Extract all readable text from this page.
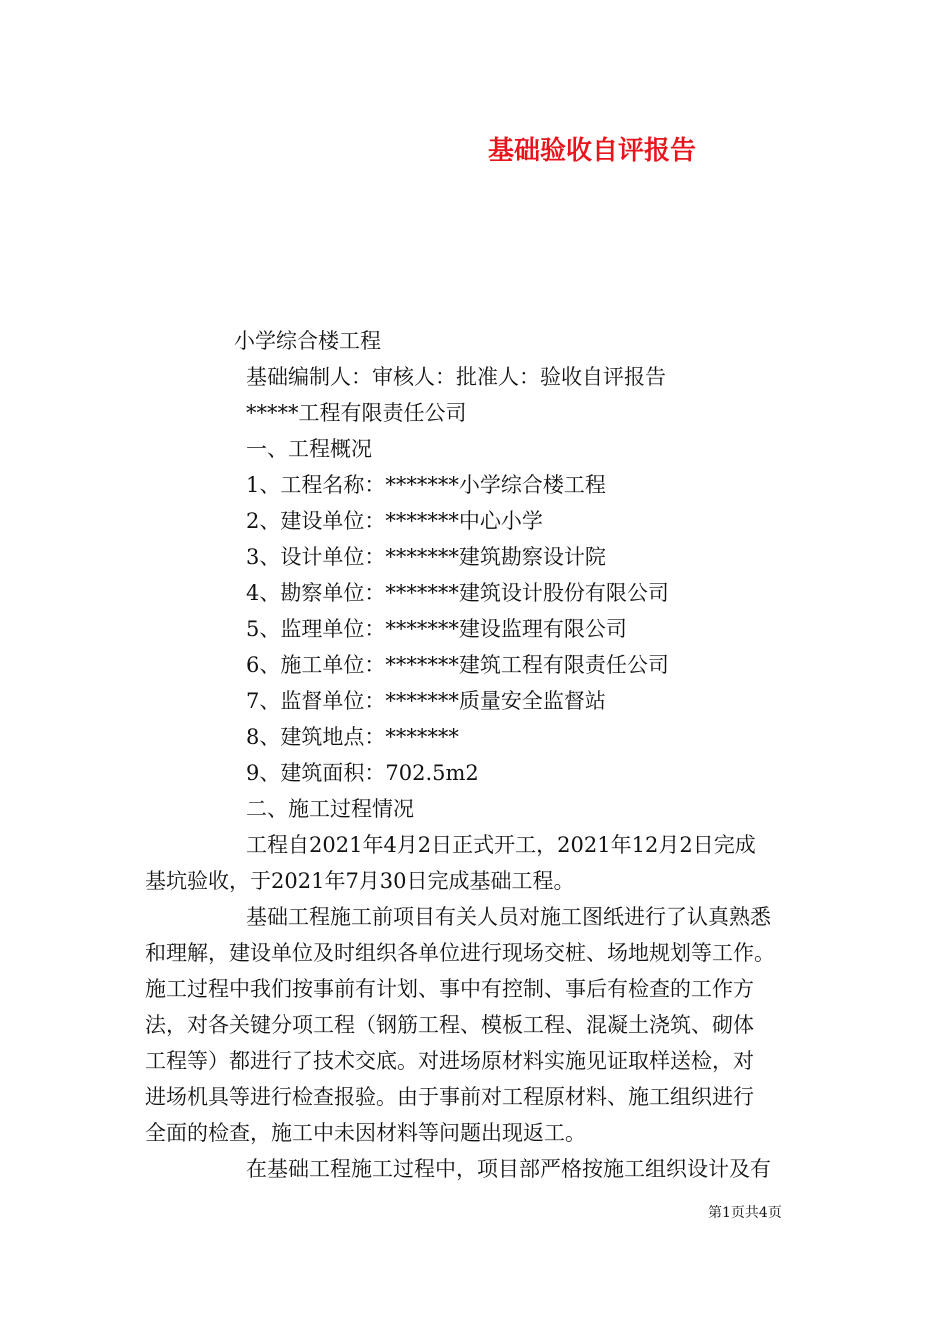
基础验收自评报告
小学综合楼工程
基础编制人：审核人：批准人：验收自评报告
*****工程有限责任公司
一、工程概况
1、工程名称：*******小学综合楼工程
2、建设单位：*******中心小学
3、设计单位：*******建筑勘察设计院
4、勘察单位：*******建筑设计股份有限公司
5、监理单位：*******建设监理有限公司
6、施工单位：*******建筑工程有限责任公司
7、监督单位：*******质量安全监督站
8、建筑地点：*******
9、建筑面积：702.5m2
二、施工过程情况
工程自2021年4月2日正式开工，2021年12月2日完成
基坑验收，于2021年7月30日完成基础工程。
基础工程施工前项目有关人员对施工图纸进行了认真熟悉
和理解，建设单位及时组织各单位进行现场交桩、场地规划等工作。
施工过程中我们按事前有计划、事中有控制、事后有检查的工作方
法，对各关键分项工程（钢筋工程、模板工程、混凝土浇筑、砌体
工程等）都进行了技术交底。对进场原材料实施见证取样送检，对
进场机具等进行检查报验。由于事前对工程原材料、施工组织进行
全面的检查，施工中未因材料等问题出现返工。
在基础工程施工过程中，项目部严格按施工组织设计及有
第1页共4页
